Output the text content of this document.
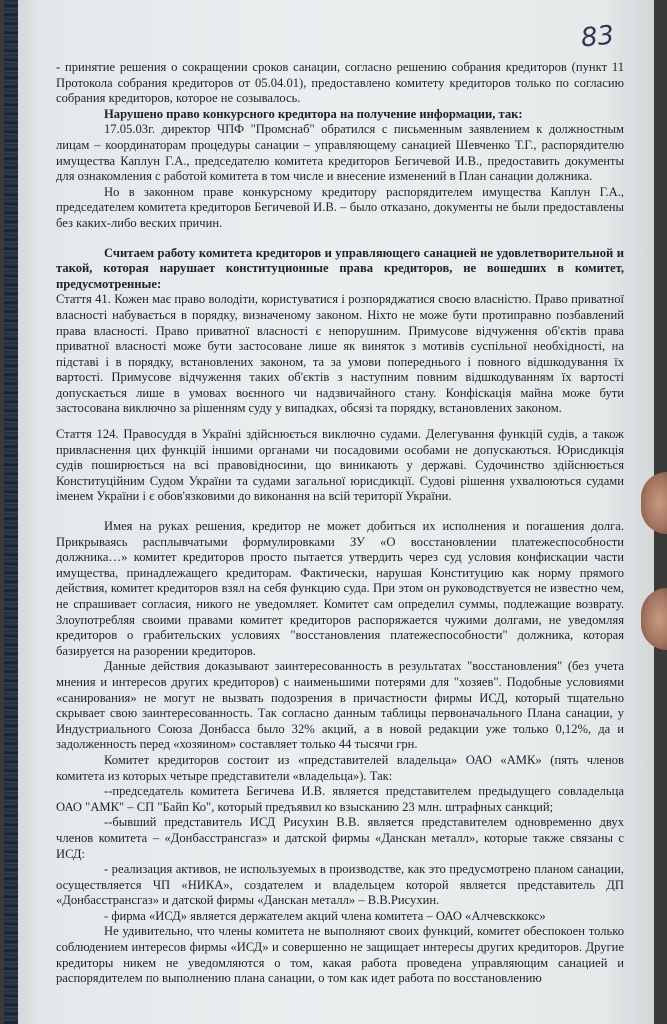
83

- принятие решения о сокращении сроков санации, согласно решению собрания кредиторов (пункт 11 Протокола собрания кредиторов от 05.04.01), предоставлено комитету кредиторов только по согласию собрания кредиторов, которое не созывалось.

Нарушено право конкурсного кредитора на получение информации, так:

17.05.03г. директор ЧПФ "Промснаб" обратился с письменным заявлением к должностным лицам – координаторам процедуры санации – управляющему санацией Шевченко Т.Г., распорядителю имущества Каплун Г.А., председателю комитета кредиторов Бегичевой И.В., предоставить документы для ознакомления с работой комитета в том числе и внесение изменений в План санации должника.

Но в законном праве конкурсному кредитору распорядителем имущества Каплун Г.А., председателем комитета кредиторов Бегичевой И.В. – было отказано, документы не были предоставлены без каких-либо веских причин.

Считаем работу комитета кредиторов и управляющего санацией не удовлетворительной и такой, которая нарушает конституционные права кредиторов, не вошедших в комитет, предусмотренные:

Стаття 41. Кожен має право володіти, користуватися і розпоряджатися своєю власністю. Право приватної власності набувається в порядку, визначеному законом. Ніхто не може бути протиправно позбавлений права власності. Право приватної власності є непорушним. Примусове відчуження об'єктів права приватної власності може бути застосоване лише як виняток з мотивів суспільної необхідності, на підставі і в порядку, встановлених законом, та за умови попереднього і повного відшкодування їх вартості. Примусове відчуження таких об'єктів з наступним повним відшкодуванням їх вартості допускається лише в умовах воєнного чи надзвичайного стану. Конфіскація майна може бути застосована виключно за рішенням суду у випадках, обсязі та порядку, встановлених законом.

Стаття 124. Правосуддя в Україні здійснюється виключно судами. Делегування функцій судів, а також привласнення цих функцій іншими органами чи посадовими особами не допускаються. Юрисдикція судів поширюється на всі правовідносини, що виникають у державі. Судочинство здійснюється Конституційним Судом України та судами загальної юрисдикції. Судові рішення ухвалюються судами іменем України і є обов'язковими до виконання на всій території України.

Имея на руках решения, кредитор не может добиться их исполнения и погашения долга. Прикрываясь расплывчатыми формулировками ЗУ «О восстановлении платежеспособности должника…» комитет кредиторов просто пытается утвердить через суд условия конфискации части имущества, принадлежащего кредиторам. Фактически, нарушая Конституцию как норму прямого действия, комитет кредиторов взял на себя функцию суда. При этом он руководствуется не известно чем, не спрашивает согласия, никого не уведомляет. Комитет сам определил суммы, подлежащие возврату. Злоупотребляя своими правами комитет кредиторов распоряжается чужими долгами, не уведомляя кредиторов о грабительских условиях "восстановления платежеспособности" должника, которая базируется на разорении кредиторов.

Данные действия доказывают заинтересованность в результатах "восстановления" (без учета мнения и интересов других кредиторов) с наименьшими потерями для "хозяев". Подобные условиями «санирования» не могут не вызвать подозрения в причастности фирмы ИСД, который тщательно скрывает свою заинтересованность. Так согласно данным таблицы первоначального Плана санации, у Индустриального Союза Донбасса было 32% акций, а в новой редакции уже только 0,12%, да и задолженность перед «хозяином» составляет только 44 тысячи грн.

Комитет кредиторов состоит из «представителей владельца» ОАО «АМК» (пять членов комитета из которых четыре представители «владельца»). Так:

--председатель комитета Бегичева И.В. является представителем предыдущего совладельца ОАО "АМК" – СП "Байп Ко", который предъявил ко взысканию 23 млн. штрафных санкций;

--бывший представитель ИСД Рисухин В.В. является представителем одновременно двух членов комитета – «Донбасстрансгаз» и датской фирмы «Данскан металл», которые также связаны с ИСД:

- реализация активов, не используемых в производстве, как это предусмотрено планом санации, осуществляется ЧП «НИКА», создателем и владельцем которой является представитель ДП «Донбасстрансгаз» и датской фирмы «Данскан металл» – В.В.Рисухин.

- фирма «ИСД» является держателем акций члена комитета – ОАО «Алчевсккокс»

Не удивительно, что члены комитета не выполняют своих функций, комитет обеспокоен только соблюдением интересов фирмы «ИСД» и совершенно не защищает интересы других кредиторов. Другие кредиторы никем не уведомляются о том, какая работа проведена управляющим санацией и распорядителем по выполнению плана санации, о том как идет работа по восстановлению
